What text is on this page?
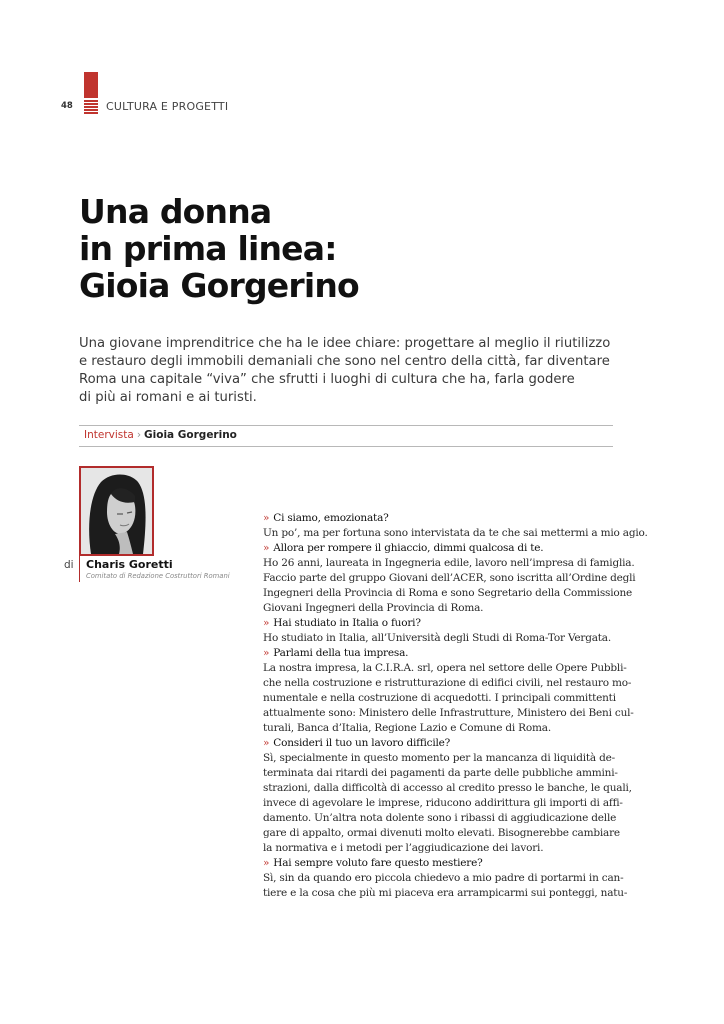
48	CULTURA E PROGETTI
Una donna
in prima linea:
Gioia Gorgerino

Una giovane imprenditrice che ha le idee chiare: progettare al meglio il riutilizzo
e restauro degli immobili demaniali che sono nel centro della città, far diventare
Roma una capitale “viva” che sfrutti i luoghi di cultura che ha, farla godere
di più ai romani e ai turisti.

Intervista › Gioia Gorgerino
di Charis Goretti
Comitato di Redazione Costruttori Romani
» Ci siamo, emozionata?
Un po’, ma per fortuna sono intervistata da te che sai mettermi a mio agio.
» Allora per rompere il ghiaccio, dimmi qualcosa di te.
Ho 26 anni, laureata in Ingegneria edile, lavoro nell’impresa di famiglia.
Faccio parte del gruppo Giovani dell’ACER, sono iscritta all’Ordine degli
Ingegneri della Provincia di Roma e sono Segretario della Commissione
Giovani Ingegneri della Provincia di Roma.
» Hai studiato in Italia o fuori?
Ho studiato in Italia, all’Università degli Studi di Roma-Tor Vergata.
» Parlami della tua impresa.
La nostra impresa, la C.I.R.A. srl, opera nel settore delle Opere Pubbli-
che nella costruzione e ristrutturazione di edifici civili, nel restauro mo-
numentale e nella costruzione di acquedotti. I principali committenti
attualmente sono: Ministero delle Infrastrutture, Ministero dei Beni cul-
turali, Banca d’Italia, Regione Lazio e Comune di Roma.
» Consideri il tuo un lavoro difficile?
Sì, specialmente in questo momento per la mancanza di liquidità de-
terminata dai ritardi dei pagamenti da parte delle pubbliche ammini-
strazioni, dalla difficoltà di accesso al credito presso le banche, le quali,
invece di agevolare le imprese, riducono addirittura gli importi di affi-
damento. Un’altra nota dolente sono i ribassi di aggiudicazione delle
gare di appalto, ormai divenuti molto elevati. Bisognerebbe cambiare
la normativa e i metodi per l’aggiudicazione dei lavori.
» Hai sempre voluto fare questo mestiere?
Sì, sin da quando ero piccola chiedevo a mio padre di portarmi in can-
tiere e la cosa che più mi piaceva era arrampicarmi sui ponteggi, natu-
